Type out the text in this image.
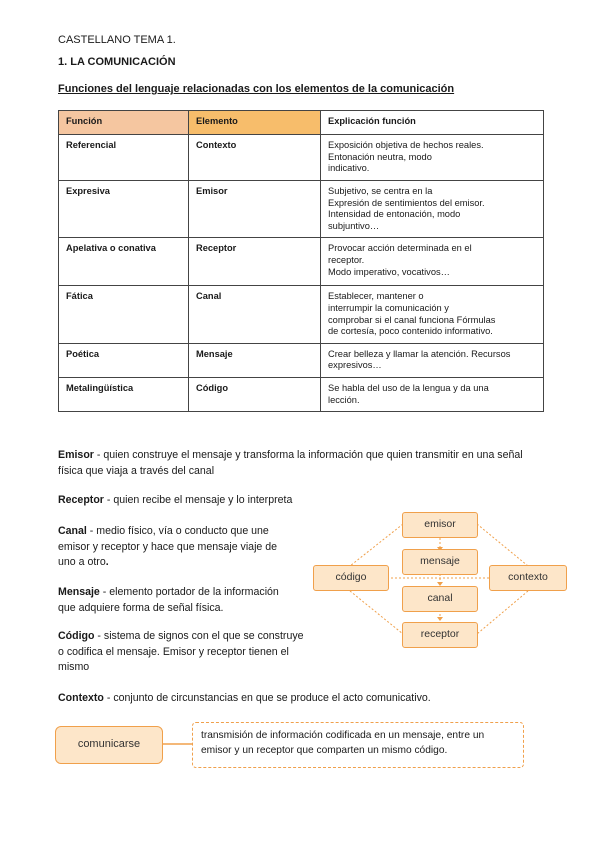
CASTELLANO TEMA 1.
1. LA COMUNICACIÓN
Funciones del lenguaje relacionadas con los elementos de la comunicación
Función	Elemento	Explicación función
Referencial	Contexto	Exposición objetiva de hechos reales.
Entonación neutra, modo
indicativo.

Expresiva	Emisor	Subjetivo, se centra en la
Expresión de sentimientos del emisor.
Intensidad de entonación, modo
subjuntivo…

Apelativa o conativa	Receptor	Provocar acción determinada en el
receptor.
Modo imperativo, vocativos…

Fática	Canal	Establecer, mantener o
interrumpir la comunicación y
comprobar si el canal funciona Fórmulas
de cortesía, poco contenido informativo.

Poética	Mensaje	Crear belleza y llamar la atención. Recursos
expresivos…

Metalingüística	Código	Se habla del uso de la lengua y da una
lección.
Emisor - quien construye el mensaje y transforma la información que quien transmitir en una señal física que viaja a través del canal
Receptor - quien recibe el mensaje y lo interpreta
Canal - medio físico, vía o conducto que une emisor y receptor y hace que mensaje viaje de uno a otro.
Mensaje - elemento portador de la información que adquiere forma de señal física.
Código - sistema de signos con el que se construye o codifica el mensaje. Emisor y receptor tienen el mismo
Contexto - conjunto de circunstancias en que se produce el acto comunicativo.
emisor
mensaje
canal
receptor
código	contexto
comunicarse
transmisión de información codificada en un mensaje, entre un
emisor y un receptor que comparten un mismo código.
